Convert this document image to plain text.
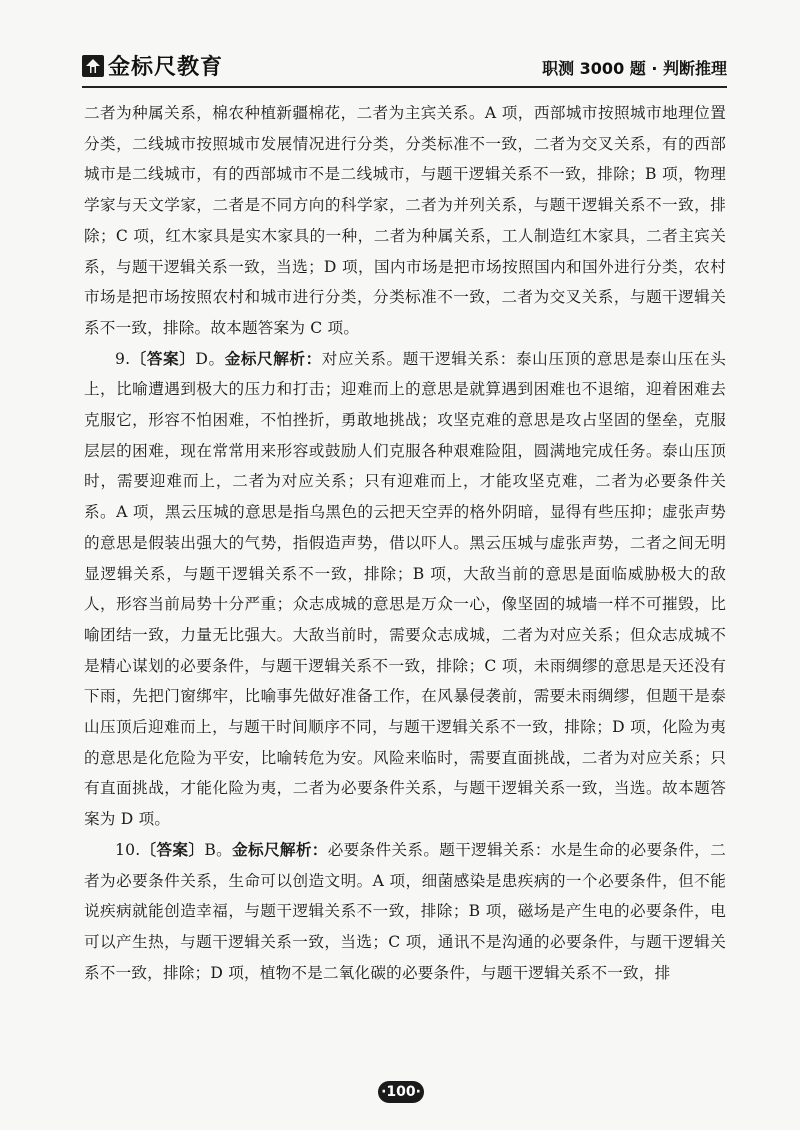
金标尺教育	职测 3000 题 · 判断推理

二者为种属关系，棉农种植新疆棉花，二者为主宾关系。A 项，西部城市按照城市地理位置分类，二线城市按照城市发展情况进行分类，分类标准不一致，二者为交叉关系，有的西部城市是二线城市，有的西部城市不是二线城市，与题干逻辑关系不一致，排除；B 项，物理学家与天文学家，二者是不同方向的科学家，二者为并列关系，与题干逻辑关系不一致，排除；C 项，红木家具是实木家具的一种，二者为种属关系，工人制造红木家具，二者主宾关系，与题干逻辑关系一致，当选；D 项，国内市场是把市场按照国内和国外进行分类，农村市场是把市场按照农村和城市进行分类，分类标准不一致，二者为交叉关系，与题干逻辑关系不一致，排除。故本题答案为 C 项。

9.〔答案〕D。金标尺解析：对应关系。题干逻辑关系：泰山压顶的意思是泰山压在头上，比喻遭遇到极大的压力和打击；迎难而上的意思是就算遇到困难也不退缩，迎着困难去克服它，形容不怕困难，不怕挫折，勇敢地挑战；攻坚克难的意思是攻占坚固的堡垒，克服层层的困难，现在常常用来形容或鼓励人们克服各种艰难险阻，圆满地完成任务。泰山压顶时，需要迎难而上，二者为对应关系；只有迎难而上，才能攻坚克难，二者为必要条件关系。A 项，黑云压城的意思是指乌黑色的云把天空弄的格外阴暗，显得有些压抑；虚张声势的意思是假装出强大的气势，指假造声势，借以吓人。黑云压城与虚张声势，二者之间无明显逻辑关系，与题干逻辑关系不一致，排除；B 项，大敌当前的意思是面临威胁极大的敌人，形容当前局势十分严重；众志成城的意思是万众一心，像坚固的城墙一样不可摧毁，比喻团结一致，力量无比强大。大敌当前时，需要众志成城，二者为对应关系；但众志成城不是精心谋划的必要条件，与题干逻辑关系不一致，排除；C 项，未雨绸缪的意思是天还没有下雨，先把门窗绑牢，比喻事先做好准备工作，在风暴侵袭前，需要未雨绸缪，但题干是泰山压顶后迎难而上，与题干时间顺序不同，与题干逻辑关系不一致，排除；D 项，化险为夷的意思是化危险为平安，比喻转危为安。风险来临时，需要直面挑战，二者为对应关系；只有直面挑战，才能化险为夷，二者为必要条件关系，与题干逻辑关系一致，当选。故本题答案为 D 项。

10.〔答案〕B。金标尺解析：必要条件关系。题干逻辑关系：水是生命的必要条件，二者为必要条件关系，生命可以创造文明。A 项，细菌感染是患疾病的一个必要条件，但不能说疾病就能创造幸福，与题干逻辑关系不一致，排除；B 项，磁场是产生电的必要条件，电可以产生热，与题干逻辑关系一致，当选；C 项，通讯不是沟通的必要条件，与题干逻辑关系不一致，排除；D 项，植物不是二氧化碳的必要条件，与题干逻辑关系不一致，排

·100·
